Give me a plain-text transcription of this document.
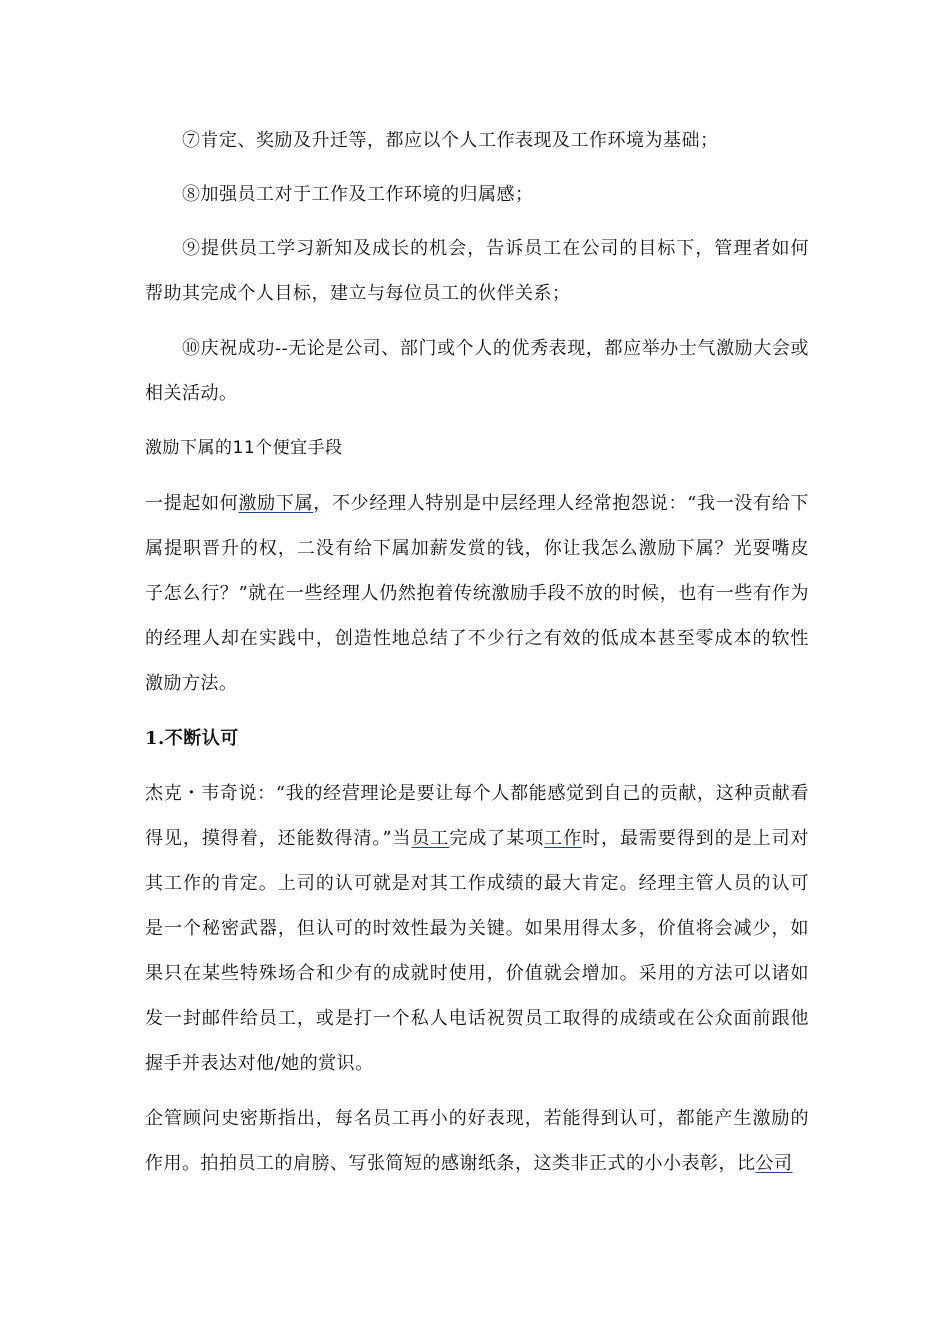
⑦肯定、奖励及升迁等，都应以个人工作表现及工作环境为基础；

⑧加强员工对于工作及工作环境的归属感；

⑨提供员工学习新知及成长的机会，告诉员工在公司的目标下，管理者如何帮助其完成个人目标，建立与每位员工的伙伴关系；

⑩庆祝成功--无论是公司、部门或个人的优秀表现，都应举办士气激励大会或相关活动。

激励下属的11个便宜手段

一提起如何激励下属，不少经理人特别是中层经理人经常抱怨说：“我一没有给下属提职晋升的权，二没有给下属加薪发赏的钱，你让我怎么激励下属？光耍嘴皮子怎么行？”就在一些经理人仍然抱着传统激励手段不放的时候，也有一些有作为的经理人却在实践中，创造性地总结了不少行之有效的低成本甚至零成本的软性激励方法。

1.不断认可

杰克・韦奇说：“我的经营理论是要让每个人都能感觉到自己的贡献，这种贡献看得见，摸得着，还能数得清。”当员工完成了某项工作时，最需要得到的是上司对其工作的肯定。上司的认可就是对其工作成绩的最大肯定。经理主管人员的认可是一个秘密武器，但认可的时效性最为关键。如果用得太多，价值将会减少，如果只在某些特殊场合和少有的成就时使用，价值就会增加。采用的方法可以诸如发一封邮件给员工，或是打一个私人电话祝贺员工取得的成绩或在公众面前跟他握手并表达对他/她的赏识。

企管顾问史密斯指出，每名员工再小的好表现，若能得到认可，都能产生激励的作用。拍拍员工的肩膀、写张简短的感谢纸条，这类非正式的小小表彰，比公司
